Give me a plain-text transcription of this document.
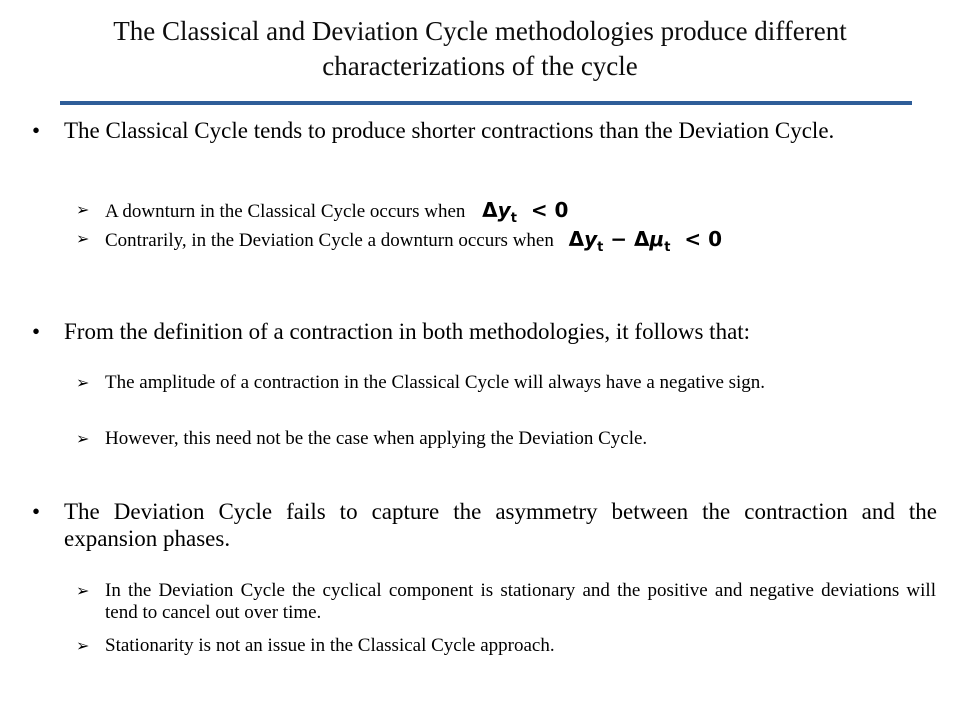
The Classical and Deviation Cycle methodologies produce different characterizations of the cycle
•	The Classical Cycle tends to produce shorter contractions than the Deviation Cycle.
➢ A downturn in the Classical Cycle occurs when $\Delta y_t < 0$
➢ Contrarily, in the Deviation Cycle a downturn occurs when $\Delta y_t - \Delta\mu_t < 0$
•	From the definition of a contraction in both methodologies, it follows that:
➢ The amplitude of a contraction in the Classical Cycle will always have a negative sign.
➢ However, this need not be the case when applying the Deviation Cycle.
•	The Deviation Cycle fails to capture the asymmetry between the contraction and the expansion phases.
➢ In the Deviation Cycle the cyclical component is stationary and the positive and negative deviations will tend to cancel out over time.
➢ Stationarity is not an issue in the Classical Cycle approach.
